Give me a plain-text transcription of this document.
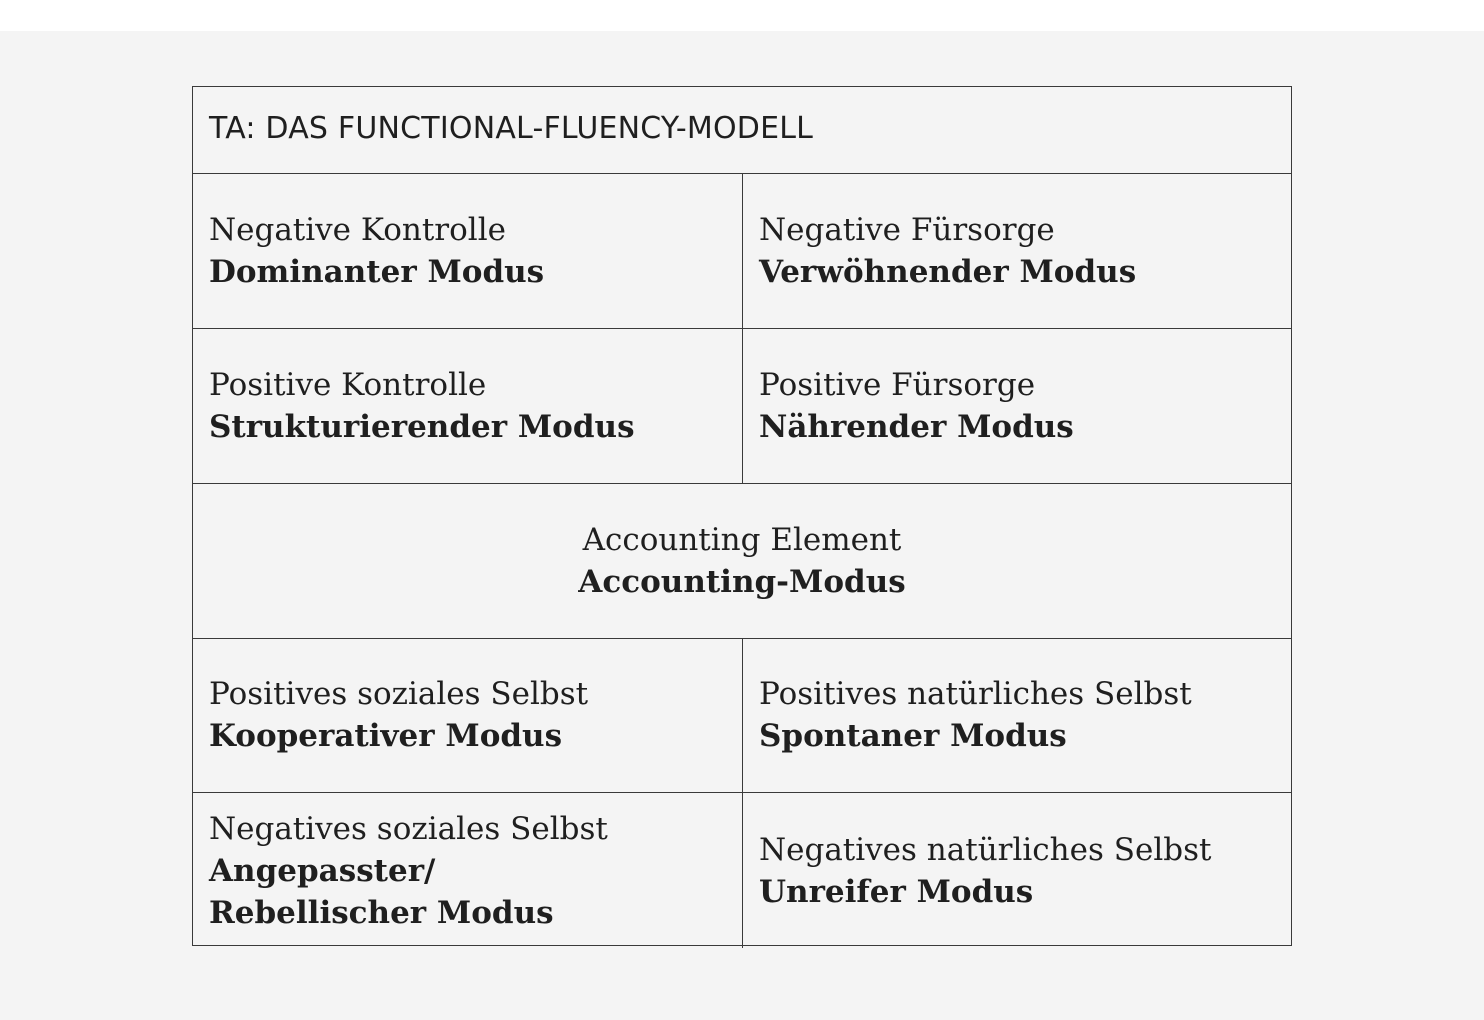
TA: DAS FUNCTIONAL-FLUENCY-MODELL
Negative Kontrolle
Dominanter Modus
Negative Fürsorge
Verwöhnender Modus
Positive Kontrolle
Strukturierender Modus
Positive Fürsorge
Nährender Modus
Accounting Element
Accounting-Modus
Positives soziales Selbst
Kooperativer Modus
Positives natürliches Selbst
Spontaner Modus
Negatives soziales Selbst
Angepasster/
Rebellischer Modus
Negatives natürliches Selbst
Unreifer Modus
